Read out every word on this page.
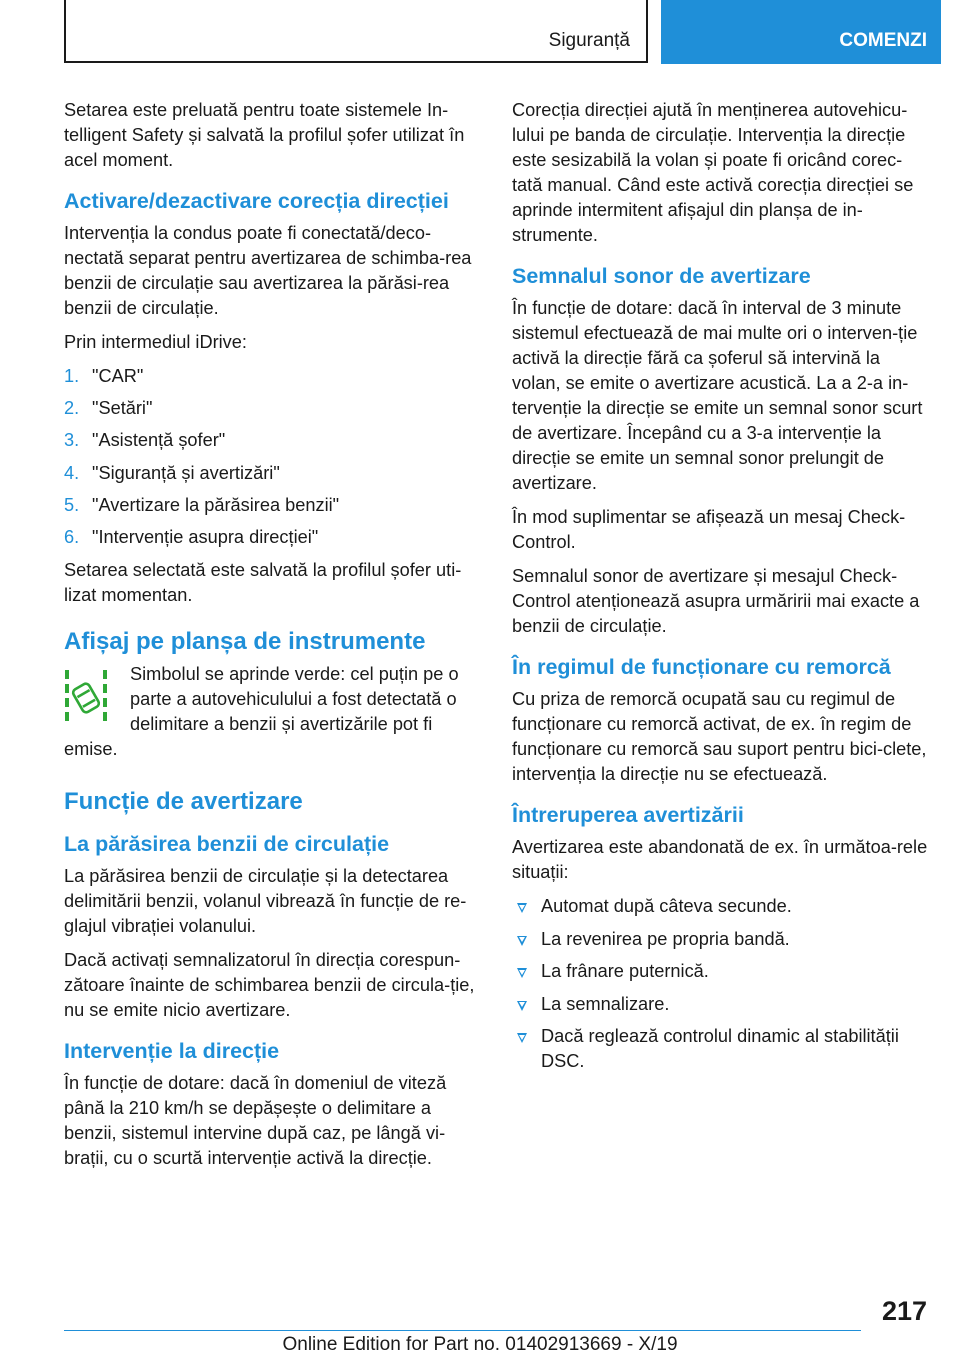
Siguranță	COMENZI

Setarea este preluată pentru toate sistemele In-telligent Safety și salvată la profilul șofer utilizat în acel moment.

Activare/dezactivare corecția direcției

Intervenția la condus poate fi conectată/deco-nectată separat pentru avertizarea de schimba-rea benzii de circulație sau avertizarea la părăsi-rea benzii de circulație.

Prin intermediul iDrive:

1. "CAR"
2. "Setări"
3. "Asistență șofer"
4. "Siguranță și avertizări"
5. "Avertizare la părăsirea benzii"
6. "Intervenție asupra direcției"

Setarea selectată este salvată la profilul șofer uti-lizat momentan.

Afișaj pe planșa de instrumente

Simbolul se aprinde verde: cel puțin pe o parte a autovehiculului a fost detectată o delimitare a benzii și avertizările pot fi emise.

Funcție de avertizare
La părăsirea benzii de circulație

La părăsirea benzii de circulație și la detectarea delimitării benzii, volanul vibrează în funcție de re-glajul vibrației volanului.

Dacă activați semnalizatorul în direcția corespun-zătoare înainte de schimbarea benzii de circula-ție, nu se emite nicio avertizare.

Intervenție la direcție

În funcție de dotare: dacă în domeniul de viteză până la 210 km/h se depășește o delimitare a benzii, sistemul intervine după caz, pe lângă vi-brații, cu o scurtă intervenție activă la direcție.

Corecția direcției ajută în menținerea autovehicu-lului pe banda de circulație. Intervenția la direcție este sesizabilă la volan și poate fi oricând corec-tată manual. Când este activă corecția direcției se aprinde intermitent afișajul din planșa de in-strumente.

Semnalul sonor de avertizare

În funcție de dotare: dacă în interval de 3 minute sistemul efectuează de mai multe ori o interven-ție activă la direcție fără ca șoferul să intervină la volan, se emite o avertizare acustică. La a 2-a in-tervenție la direcție se emite un semnal sonor scurt de avertizare. Începând cu a 3-a intervenție la direcție se emite un semnal sonor prelungit de avertizare.

În mod suplimentar se afișează un mesaj Check-Control.

Semnalul sonor de avertizare și mesajul Check-Control atenționează asupra urmăririi mai exacte a benzii de circulație.

În regimul de funcționare cu remorcă

Cu priza de remorcă ocupată sau cu regimul de funcționare cu remorcă activat, de ex. în regim de funcționare cu remorcă sau suport pentru bici-clete, intervenția la direcție nu se efectuează.

Întreruperea avertizării

Avertizarea este abandonată de ex. în următoa-rele situații:

Automat după câteva secunde.
La revenirea pe propria bandă.
La frânare puternică.
La semnalizare.
Dacă reglează controlul dinamic al stabilității DSC.
217
Online Edition for Part no. 01402913669 - X/19
